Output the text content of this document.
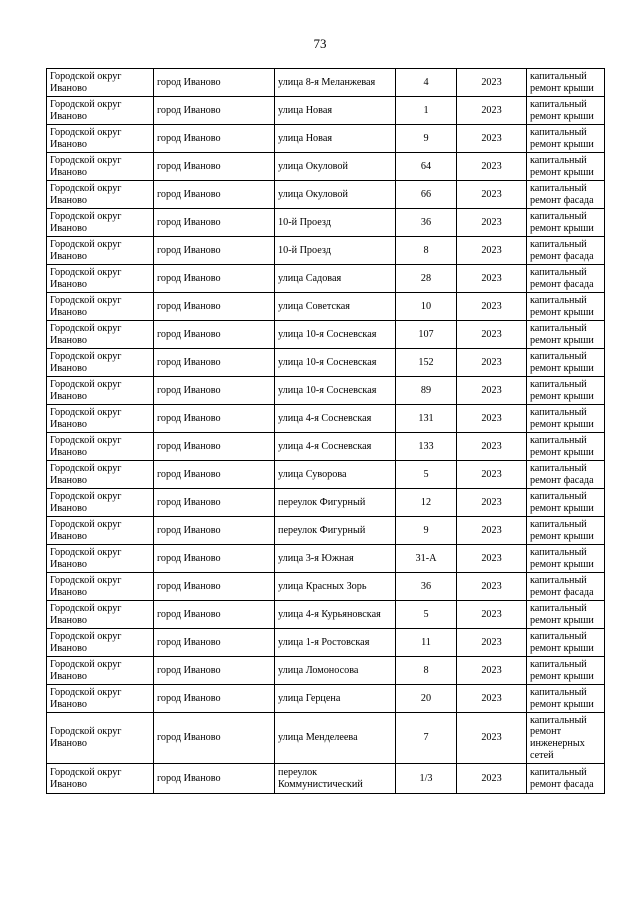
73
Городской округ Иваново	город Иваново	улица 8-я Меланжевая	4	2023	капитальный ремонт крыши
Городской округ Иваново	город Иваново	улица Новая	1	2023	капитальный ремонт крыши
Городской округ Иваново	город Иваново	улица Новая	9	2023	капитальный ремонт крыши
Городской округ Иваново	город Иваново	улица Окуловой	64	2023	капитальный ремонт крыши
Городской округ Иваново	город Иваново	улица Окуловой	66	2023	капитальный ремонт фасада
Городской округ Иваново	город Иваново	10-й Проезд	36	2023	капитальный ремонт крыши
Городской округ Иваново	город Иваново	10-й Проезд	8	2023	капитальный ремонт фасада
Городской округ Иваново	город Иваново	улица Садовая	28	2023	капитальный ремонт фасада
Городской округ Иваново	город Иваново	улица Советская	10	2023	капитальный ремонт крыши
Городской округ Иваново	город Иваново	улица 10-я Сосневская	107	2023	капитальный ремонт крыши
Городской округ Иваново	город Иваново	улица 10-я Сосневская	152	2023	капитальный ремонт крыши
Городской округ Иваново	город Иваново	улица 10-я Сосневская	89	2023	капитальный ремонт крыши
Городской округ Иваново	город Иваново	улица 4-я Сосневская	131	2023	капитальный ремонт крыши
Городской округ Иваново	город Иваново	улица 4-я Сосневская	133	2023	капитальный ремонт крыши
Городской округ Иваново	город Иваново	улица Суворова	5	2023	капитальный ремонт фасада
Городской округ Иваново	город Иваново	переулок Фигурный	12	2023	капитальный ремонт крыши
Городской округ Иваново	город Иваново	переулок Фигурный	9	2023	капитальный ремонт крыши
Городской округ Иваново	город Иваново	улица 3-я Южная	31-А	2023	капитальный ремонт крыши
Городской округ Иваново	город Иваново	улица Красных Зорь	36	2023	капитальный ремонт фасада
Городской округ Иваново	город Иваново	улица 4-я Курьяновская	5	2023	капитальный ремонт крыши
Городской округ Иваново	город Иваново	улица 1-я Ростовская	11	2023	капитальный ремонт крыши
Городской округ Иваново	город Иваново	улица Ломоносова	8	2023	капитальный ремонт крыши
Городской округ Иваново	город Иваново	улица Герцена	20	2023	капитальный ремонт крыши
Городской округ Иваново	город Иваново	улица Менделеева	7	2023	капитальный ремонт инженерных сетей
Городской округ Иваново	город Иваново	переулок Коммунистический	1/3	2023	капитальный ремонт фасада
